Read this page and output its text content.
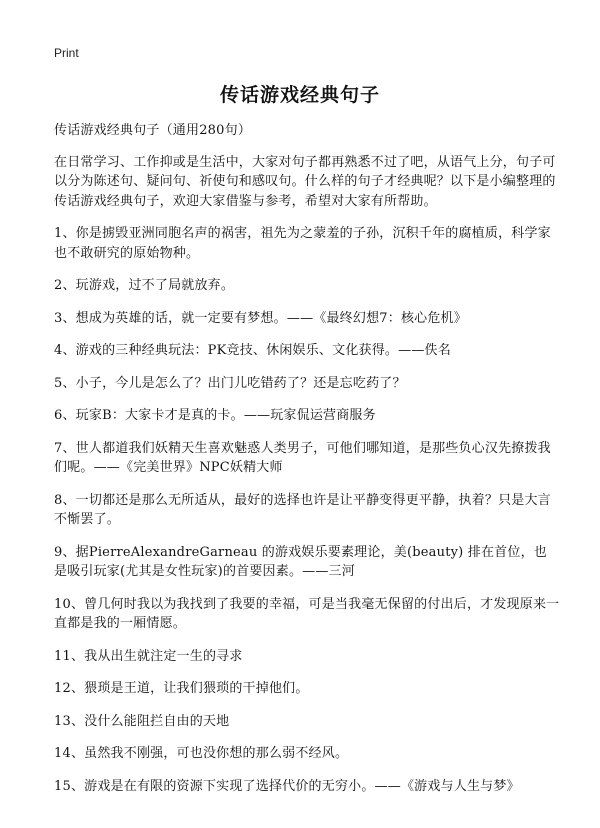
Print
传话游戏经典句子

传话游戏经典句子（通用280句）

在日常学习、工作抑或是生活中，大家对句子都再熟悉不过了吧，从语气上分，句子可以分为陈述句、疑问句、祈使句和感叹句。什么样的句子才经典呢？以下是小编整理的传话游戏经典句子，欢迎大家借鉴与参考，希望对大家有所帮助。

1、你是掳毁亚洲同胞名声的祸害，祖先为之蒙羞的子孙，沉积千年的腐植质，科学家也不敢研究的原始物种。

2、玩游戏，过不了局就放弃。

3、想成为英雄的话，就一定要有梦想。——《最终幻想7：核心危机》

4、游戏的三种经典玩法：PK竞技、休闲娱乐、文化获得。——佚名

5、小子，今儿是怎么了？出门儿吃错药了？还是忘吃药了？

6、玩家B：大家卡才是真的卡。——玩家侃运营商服务

7、世人都道我们妖精天生喜欢魅惑人类男子，可他们哪知道，是那些负心汉先撩拨我们呢。——《完美世界》NPC妖精大师

8、一切都还是那么无所适从，最好的选择也许是让平静变得更平静，执着？只是大言不惭罢了。

9、据PierreAlexandreGarneau 的游戏娱乐要素理论，美(beauty) 排在首位，也是吸引玩家(尤其是女性玩家)的首要因素。——三河

10、曾几何时我以为我找到了我要的幸福，可是当我毫无保留的付出后，才发现原来一直都是我的一厢情愿。

11、我从出生就注定一生的寻求

12、猥琐是王道，让我们猥琐的干掉他们。

13、没什么能阻拦自由的天地

14、虽然我不刚强，可也没你想的那么弱不经风。

15、游戏是在有限的资源下实现了选择代价的无穷小。——《游戏与人生与梦》
